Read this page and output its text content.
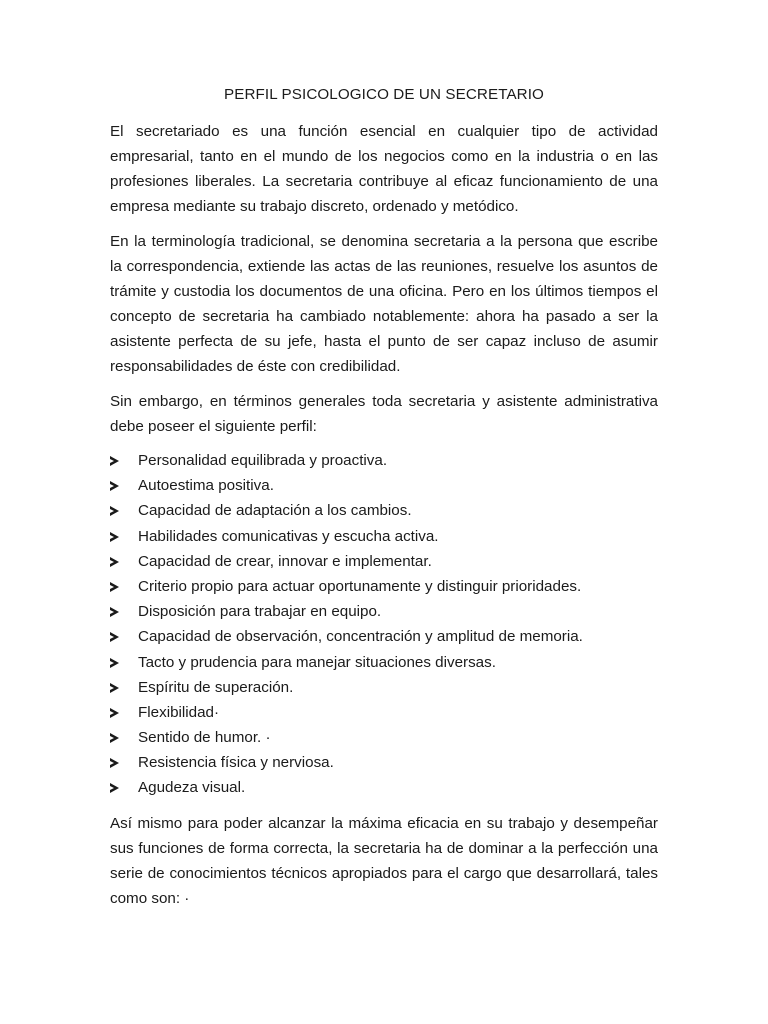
PERFIL PSICOLOGICO DE UN SECRETARIO

El secretariado es una función esencial en cualquier tipo de actividad empresarial, tanto en el mundo de los negocios como en la industria o en las profesiones liberales. La secretaria contribuye al eficaz funcionamiento de una empresa mediante su trabajo discreto, ordenado y metódico.

En la terminología tradicional, se denomina secretaria a la persona que escribe la correspondencia, extiende las actas de las reuniones, resuelve los asuntos de trámite y custodia los documentos de una oficina. Pero en los últimos tiempos el concepto de secretaria ha cambiado notablemente: ahora ha pasado a ser la asistente perfecta de su jefe, hasta el punto de ser capaz incluso de asumir responsabilidades de éste con credibilidad.

Sin embargo, en términos generales toda secretaria y asistente administrativa debe poseer el siguiente perfil:

Personalidad equilibrada y proactiva.
Autoestima positiva.
Capacidad de adaptación a los cambios.
Habilidades comunicativas y escucha activa.
Capacidad de crear, innovar e implementar.
Criterio propio para actuar oportunamente y distinguir prioridades.
Disposición para trabajar en equipo.
Capacidad de observación, concentración y amplitud de memoria.
Tacto y prudencia para manejar situaciones diversas.
Espíritu de superación.
Flexibilidad·
Sentido de humor. ·
Resistencia física y nerviosa.
Agudeza visual.

Así mismo para poder alcanzar la máxima eficacia en su trabajo y desempeñar sus funciones de forma correcta, la secretaria ha de dominar a la perfección una serie de conocimientos técnicos apropiados para el cargo que desarrollará, tales como son: ·
